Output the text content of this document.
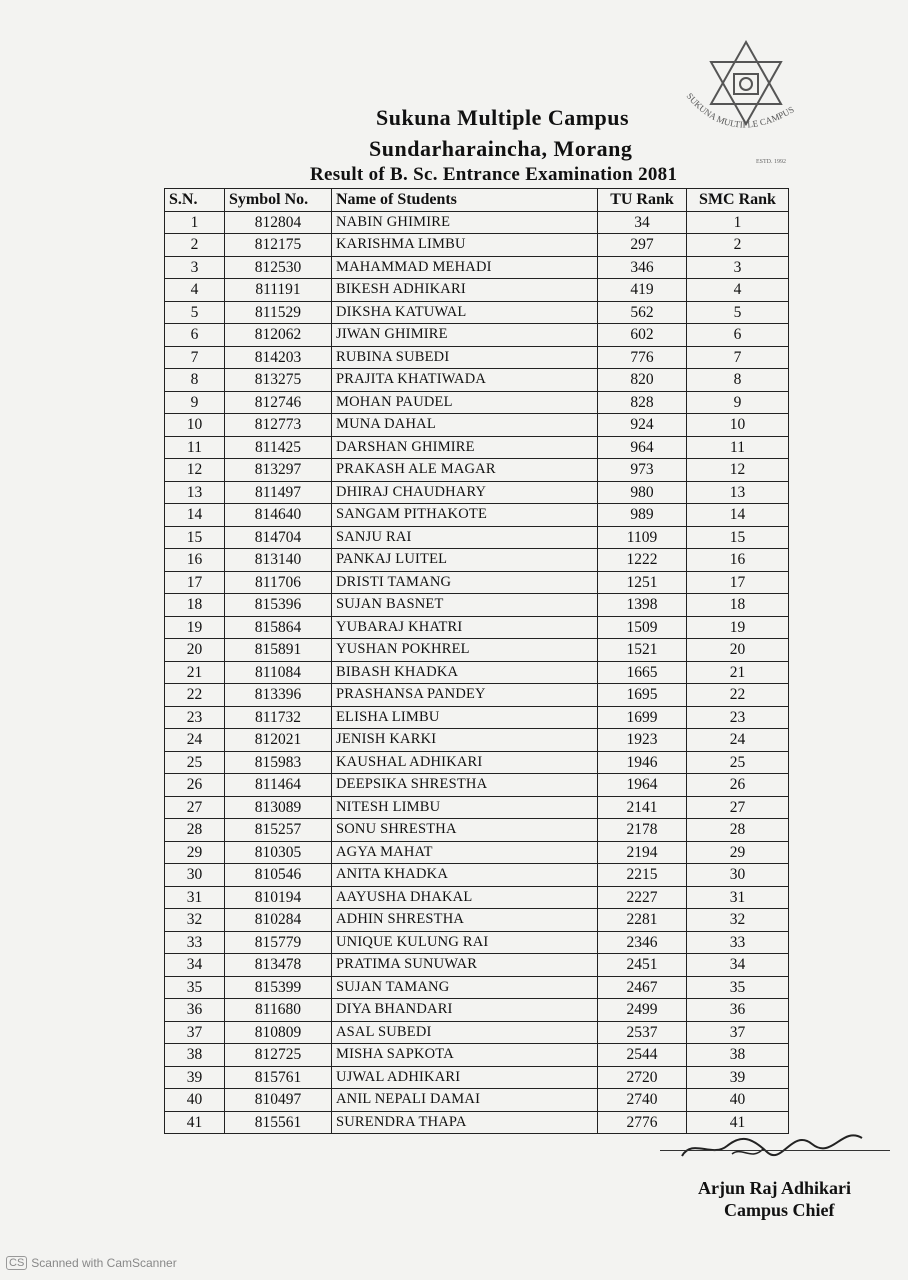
Sukuna Multiple Campus
Sundarharaincha, Morang
Result of B. Sc. Entrance Examination 2081
SUKUNA MULTIPLE CAMPUS
ESTD. 1992
S.N.	Symbol No.	Name of Students	TU Rank	SMC Rank
1	812804	NABIN GHIMIRE	34	1
2	812175	KARISHMA LIMBU	297	2
3	812530	MAHAMMAD MEHADI	346	3
4	811191	BIKESH ADHIKARI	419	4
5	811529	DIKSHA KATUWAL	562	5
6	812062	JIWAN GHIMIRE	602	6
7	814203	RUBINA SUBEDI	776	7
8	813275	PRAJITA KHATIWADA	820	8
9	812746	MOHAN PAUDEL	828	9
10	812773	MUNA DAHAL	924	10
11	811425	DARSHAN GHIMIRE	964	11
12	813297	PRAKASH ALE MAGAR	973	12
13	811497	DHIRAJ CHAUDHARY	980	13
14	814640	SANGAM PITHAKOTE	989	14
15	814704	SANJU RAI	1109	15
16	813140	PANKAJ LUITEL	1222	16
17	811706	DRISTI TAMANG	1251	17
18	815396	SUJAN BASNET	1398	18
19	815864	YUBARAJ KHATRI	1509	19
20	815891	YUSHAN POKHREL	1521	20
21	811084	BIBASH KHADKA	1665	21
22	813396	PRASHANSA PANDEY	1695	22
23	811732	ELISHA LIMBU	1699	23
24	812021	JENISH KARKI	1923	24
25	815983	KAUSHAL ADHIKARI	1946	25
26	811464	DEEPSIKA SHRESTHA	1964	26
27	813089	NITESH LIMBU	2141	27
28	815257	SONU SHRESTHA	2178	28
29	810305	AGYA MAHAT	2194	29
30	810546	ANITA KHADKA	2215	30
31	810194	AAYUSHA DHAKAL	2227	31
32	810284	ADHIN SHRESTHA	2281	32
33	815779	UNIQUE KULUNG RAI	2346	33
34	813478	PRATIMA SUNUWAR	2451	34
35	815399	SUJAN TAMANG	2467	35
36	811680	DIYA BHANDARI	2499	36
37	810809	ASAL SUBEDI	2537	37
38	812725	MISHA SAPKOTA	2544	38
39	815761	UJWAL ADHIKARI	2720	39
40	810497	ANIL NEPALI DAMAI	2740	40
41	815561	SURENDRA THAPA	2776	41
Arjun Raj Adhikari
Campus Chief
CS Scanned with CamScanner
